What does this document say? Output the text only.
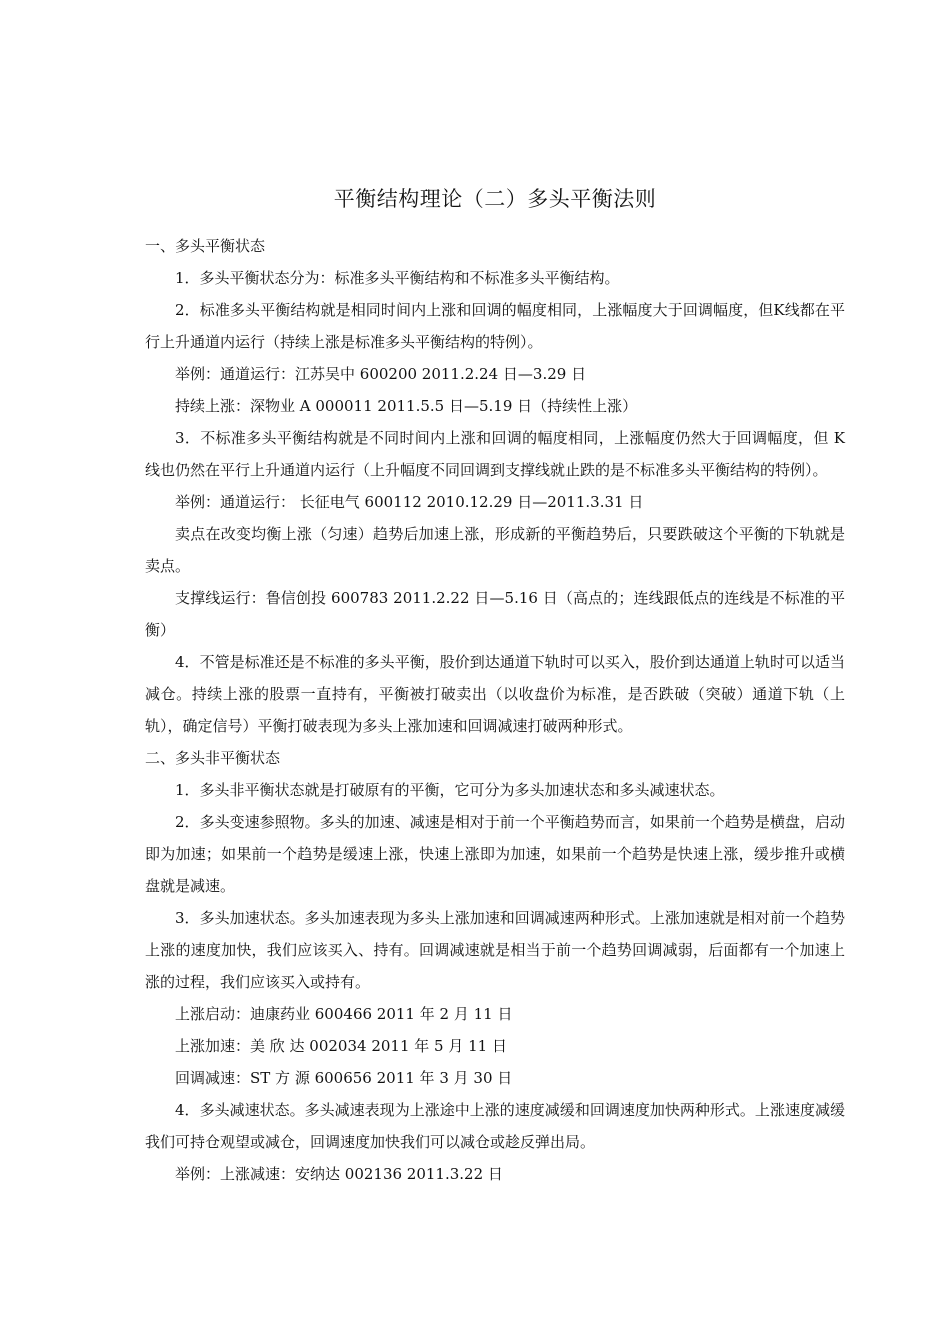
平衡结构理论（二）多头平衡法则

一、多头平衡状态

1．多头平衡状态分为：标准多头平衡结构和不标准多头平衡结构。

2．标准多头平衡结构就是相同时间内上涨和回调的幅度相同，上涨幅度大于回调幅度，但K线都在平行上升通道内运行（持续上涨是标准多头平衡结构的特例）。

举例：通道运行：江苏吴中 600200 2011.2.24 日—3.29 日

持续上涨：深物业 A 000011 2011.5.5 日—5.19 日（持续性上涨）

3．不标准多头平衡结构就是不同时间内上涨和回调的幅度相同，上涨幅度仍然大于回调幅度，但 K 线也仍然在平行上升通道内运行（上升幅度不同回调到支撑线就止跌的是不标准多头平衡结构的特例）。

举例：通道运行： 长征电气 600112 2010.12.29 日—2011.3.31 日

卖点在改变均衡上涨（匀速）趋势后加速上涨，形成新的平衡趋势后，只要跌破这个平衡的下轨就是卖点。

支撑线运行：鲁信创投 600783 2011.2.22 日—5.16 日（高点的；连线跟低点的连线是不标准的平衡）

4．不管是标准还是不标准的多头平衡，股价到达通道下轨时可以买入，股价到达通道上轨时可以适当减仓。持续上涨的股票一直持有，平衡被打破卖出（以收盘价为标准，是否跌破（突破）通道下轨（上轨），确定信号）平衡打破表现为多头上涨加速和回调减速打破两种形式。

二、多头非平衡状态

1．多头非平衡状态就是打破原有的平衡，它可分为多头加速状态和多头减速状态。

2．多头变速参照物。多头的加速、减速是相对于前一个平衡趋势而言，如果前一个趋势是横盘，启动即为加速；如果前一个趋势是缓速上涨，快速上涨即为加速，如果前一个趋势是快速上涨，缓步推升或横盘就是减速。

3．多头加速状态。多头加速表现为多头上涨加速和回调减速两种形式。上涨加速就是相对前一个趋势上涨的速度加快，我们应该买入、持有。回调减速就是相当于前一个趋势回调减弱，后面都有一个加速上涨的过程，我们应该买入或持有。

上涨启动：迪康药业 600466 2011 年 2 月 11 日

上涨加速：美 欣 达 002034 2011 年 5 月 11 日

回调减速：ST 方 源 600656 2011 年 3 月 30 日

4．多头减速状态。多头减速表现为上涨途中上涨的速度减缓和回调速度加快两种形式。上涨速度减缓我们可持仓观望或减仓，回调速度加快我们可以减仓或趁反弹出局。

举例：上涨减速：安纳达 002136 2011.3.22 日
